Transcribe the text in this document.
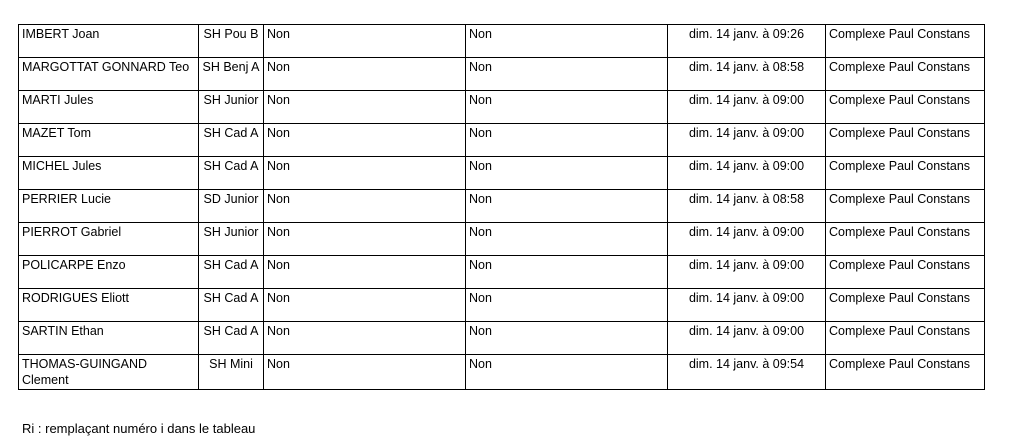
IMBERT Joan	SH Pou B	Non	Non	dim. 14 janv. à 09:26	Complexe Paul Constans
MARGOTTAT GONNARD Teo	SH Benj A	Non	Non	dim. 14 janv. à 08:58	Complexe Paul Constans
MARTI Jules	SH Junior	Non	Non	dim. 14 janv. à 09:00	Complexe Paul Constans
MAZET Tom	SH Cad A	Non	Non	dim. 14 janv. à 09:00	Complexe Paul Constans
MICHEL Jules	SH Cad A	Non	Non	dim. 14 janv. à 09:00	Complexe Paul Constans
PERRIER Lucie	SD Junior	Non	Non	dim. 14 janv. à 08:58	Complexe Paul Constans
PIERROT Gabriel	SH Junior	Non	Non	dim. 14 janv. à 09:00	Complexe Paul Constans
POLICARPE Enzo	SH Cad A	Non	Non	dim. 14 janv. à 09:00	Complexe Paul Constans
RODRIGUES Eliott	SH Cad A	Non	Non	dim. 14 janv. à 09:00	Complexe Paul Constans
SARTIN Ethan	SH Cad A	Non	Non	dim. 14 janv. à 09:00	Complexe Paul Constans
THOMAS-GUINGAND Clement	SH Mini	Non	Non	dim. 14 janv. à 09:54	Complexe Paul Constans
Ri : remplaçant numéro i dans le tableau
